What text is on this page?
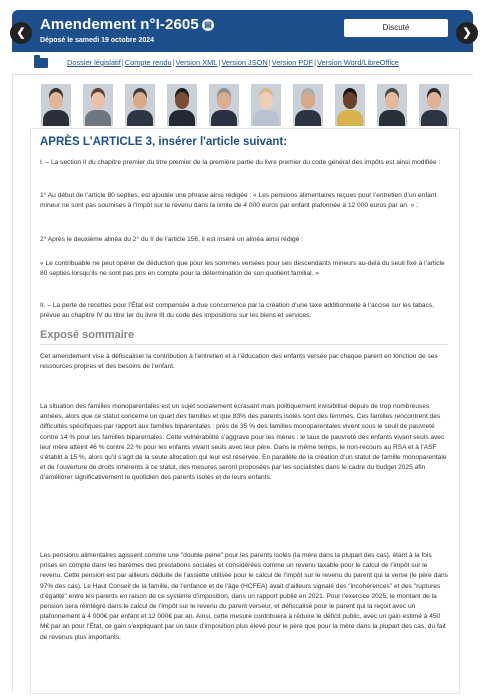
Amendement n°I-2605 ▤
Déposé le samedi 19 octobre 2024
Discuté
❮	❯
Dossier législatif|Compte rendu|Version XML|Version JSON|Version PDF|Version Word/LibreOffice
APRÈS L'ARTICLE 3, insérer l'article suivant:

I. – La section II du chapitre premier du titre premier de la première partie du livre premier du code général des impôts est ainsi modifiée :

1° Au début de l’article 80 septies, est ajoutée une phrase ainsi rédigée : « Les pensions alimentaires reçues pour l’entretien d’un enfant mineur ne sont pas soumises à l’impôt sur le revenu dans la limite de 4 000 euros par enfant plafonnée à 12 000 euros par an. » ;

2° Après le deuxième alinéa du 2° du II de l’article 156, il est inséré un alinéa ainsi rédigé :

« Le contribuable ne peut opérer de déduction que pour les sommes versées pour ses descendants mineurs au-delà du seuil fixé à l’article 80 septies lorsqu’ils ne sont pas pris en compte pour la détermination de son quotient familial. »

II. – La perte de recettes pour l’État est compensée à due concurrence par la création d’une taxe additionnelle à l’accise sur les tabacs, prévue au chapitre IV du titre Ier du livre III du code des impositions sur les biens et services.

Exposé sommaire

Cet amendement vise à défiscaliser la contribution à l’entretien et à l’éducation des enfants versée par chaque parent en fonction de ses ressources propres et des besoins de l’enfant.

La situation des familles monoparentales est un sujet socialement écrasant mais politiquement invisibilisé depuis de trop nombreuses années, alors que ce statut concerne un quart des familles et que 83% des parents isolés sont des femmes. Ces familles rencontrent des difficultés spécifiques par rapport aux familles biparentales : près de 35 % des familles monoparentales vivent sous le seuil de pauvreté contre 14 % pour les familles biparentales. Cette vulnérabilité s’aggrave pour les mères : le taux de pauvreté des enfants vivant seuls avec leur mère atteint 46 % contre 22 % pour les enfants vivant seuls avec leur père. Dans le même temps, le non-recours au RSA et à l’ASF s’établit à 15 %, alors qu’il s’agit de la seule allocation qui leur est réservée. En parallèle de la création d’un statut de famille monoparentale et de l’ouverture de droits inhérents à ce statut, des mesures seront proposées par les socialistes dans le cadre du budget 2025 afin d’améliorer significativement le quotidien des parents isolés et de leurs enfants.

Les pensions alimentaires agissent comme une "double peine" pour les parents isolés (la mère dans la plupart des cas), étant à la fois prises en compte dans les barèmes des prestations sociales et considérées comme un revenu taxable pour le calcul de l’impôt sur le revenu. Cette pension est par ailleurs déduite de l’assiette utilisée pour le calcul de l’impôt sur le revenu du parent qui la verse (le père dans 97% des cas). Le Haut Conseil de la famille, de l’enfance et de l’âge (HCFEA) avait d’ailleurs signalé des "incohérences" et des "ruptures d’égalité" entre les parents en raison de ce système d’imposition, dans un rapport publié en 2021. Pour l’exercice 2025, le montant de la pension sera réintégré dans le calcul de l’impôt sur le revenu du parent verseur, et défiscalisé pour le parent qui la reçoit avec un plafonnement à 4 000€ par enfant et 12 000€ par an. Ainsi, cette mesure contribuera à réduire le déficit public, avec un gain estimé à 450 M€ par an pour l’État, ce gain s’expliquant par un taux d’imposition plus élevé pour le père que pour la mère dans la plupart des cas, du fait de revenus plus importants.
